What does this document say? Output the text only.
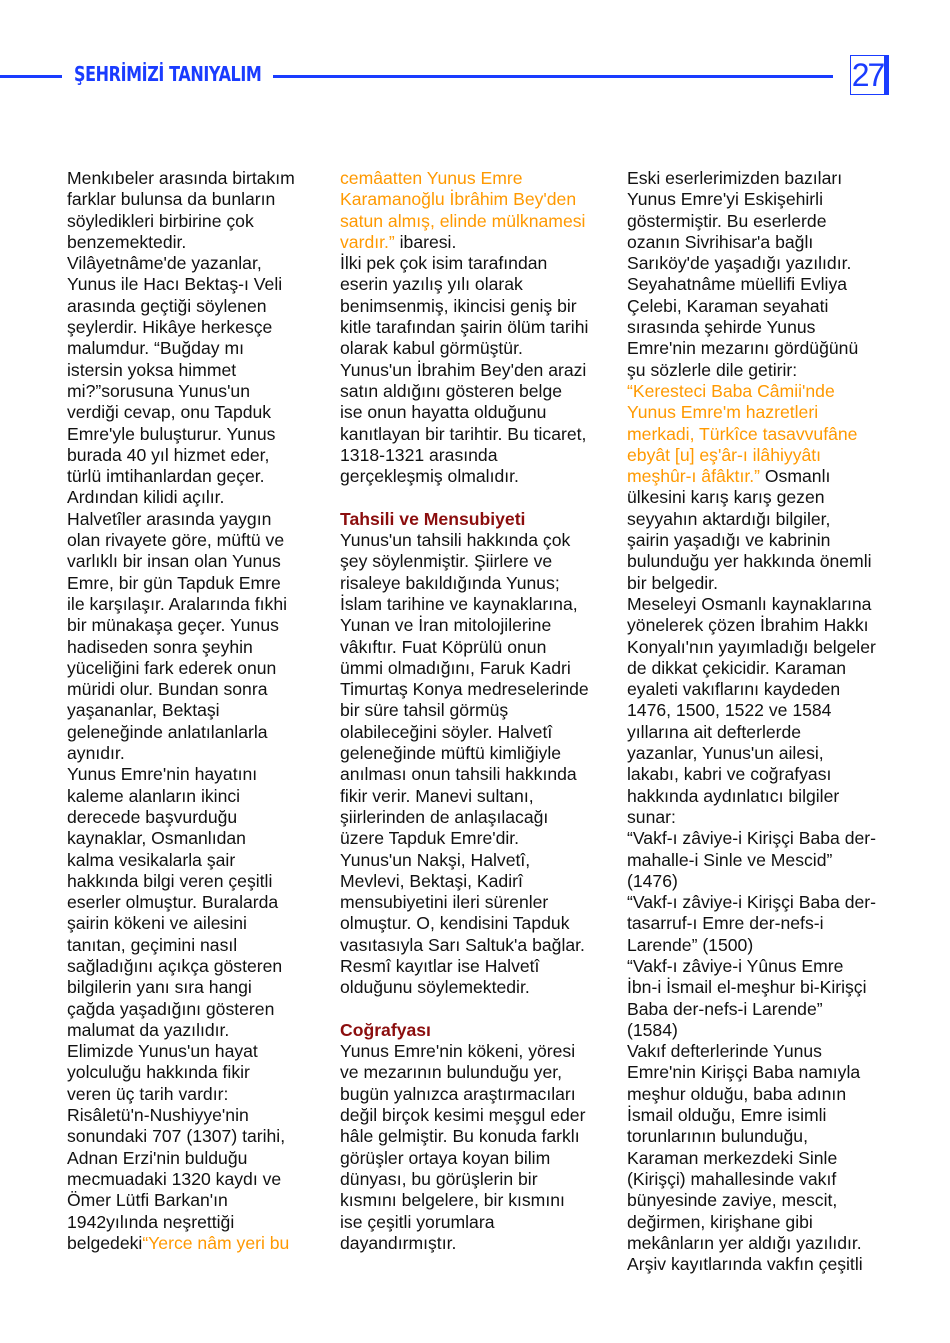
ŞEHRİMİZİ TANIYALIM	27
Menkıbeler arasında birtakım
farklar bulunsa da bunların
söyledikleri birbirine çok
benzemektedir.
Vilâyetnâme'de yazanlar,
Yunus ile Hacı Bektaş-ı Veli
arasında geçtiği söylenen
şeylerdir. Hikâye herkesçe
malumdur. “Buğday mı
istersin yoksa himmet
mi?”sorusuna Yunus'un
verdiği cevap, onu Tapduk
Emre'yle buluşturur. Yunus
burada 40 yıl hizmet eder,
türlü imtihanlardan geçer.
Ardından kilidi açılır.
Halvetîler arasında yaygın
olan rivayete göre, müftü ve
varlıklı bir insan olan Yunus
Emre, bir gün Tapduk Emre
ile karşılaşır. Aralarında fıkhi
bir münakaşa geçer. Yunus
hadiseden sonra şeyhin
yüceliğini fark ederek onun
müridi olur. Bundan sonra
yaşananlar, Bektaşi
geleneğinde anlatılanlarla
aynıdır.
Yunus Emre'nin hayatını
kaleme alanların ikinci
derecede başvurduğu
kaynaklar, Osmanlıdan
kalma vesikalarla şair
hakkında bilgi veren çeşitli
eserler olmuştur. Buralarda
şairin kökeni ve ailesini
tanıtan, geçimini nasıl
sağladığını açıkça gösteren
bilgilerin yanı sıra hangi
çağda yaşadığını gösteren
malumat da yazılıdır.
Elimizde Yunus'un hayat
yolculuğu hakkında fikir
veren üç tarih vardır:
Risâletü'n-Nushiyye'nin
sonundaki 707 (1307) tarihi,
Adnan Erzi'nin bulduğu
mecmuadaki 1320 kaydı ve
Ömer Lütfi Barkan'ın
1942yılında neşrettiği
belgedeki“Yerce nâm yeri bu
cemâatten Yunus Emre
Karamanoğlu İbrâhim Bey'den
satun almış, elinde mülknamesi
vardır.” ibaresi.
İlki pek çok isim tarafından
eserin yazılış yılı olarak
benimsenmiş, ikincisi geniş bir
kitle tarafından şairin ölüm tarihi
olarak kabul görmüştür.
Yunus'un İbrahim Bey'den arazi
satın aldığını gösteren belge
ise onun hayatta olduğunu
kanıtlayan bir tarihtir. Bu ticaret,
1318-1321 arasında
gerçekleşmiş olmalıdır.
Tahsili ve Mensubiyeti
Yunus'un tahsili hakkında çok
şey söylenmiştir. Şiirlere ve
risaleye bakıldığında Yunus;
İslam tarihine ve kaynaklarına,
Yunan ve İran mitolojilerine
vâkıftır. Fuat Köprülü onun
ümmi olmadığını, Faruk Kadri
Timurtaş Konya medreselerinde
bir süre tahsil görmüş
olabileceğini söyler. Halvetî
geleneğinde müftü kimliğiyle
anılması onun tahsili hakkında
fikir verir. Manevi sultanı,
şiirlerinden de anlaşılacağı
üzere Tapduk Emre'dir.
Yunus'un Nakşi, Halvetî,
Mevlevi, Bektaşi, Kadirî
mensubiyetini ileri sürenler
olmuştur. O, kendisini Tapduk
vasıtasıyla Sarı Saltuk'a bağlar.
Resmî kayıtlar ise Halvetî
olduğunu söylemektedir.
Coğrafyası
Yunus Emre'nin kökeni, yöresi
ve mezarının bulunduğu yer,
bugün yalnızca araştırmacıları
değil birçok kesimi meşgul eder
hâle gelmiştir. Bu konuda farklı
görüşler ortaya koyan bilim
dünyası, bu görüşlerin bir
kısmını belgelere, bir kısmını
ise çeşitli yorumlara
dayandırmıştır.
Eski eserlerimizden bazıları
Yunus Emre'yi Eskişehirli
göstermiştir. Bu eserlerde
ozanın Sivrihisar'a bağlı
Sarıköy'de yaşadığı yazılıdır.
Seyahatnâme müellifi Evliya
Çelebi, Karaman seyahati
sırasında şehirde Yunus
Emre'nin mezarını gördüğünü
şu sözlerle dile getirir:
“Keresteci Baba Câmii'nde
Yunus Emre'm hazretleri
merkadi, Türkîce tasavvufâne
ebyât [u] eş'âr-ı ilâhiyyâtı
meşhûr-ı âfâktır.” Osmanlı
ülkesini karış karış gezen
seyyahın aktardığı bilgiler,
şairin yaşadığı ve kabrinin
bulunduğu yer hakkında önemli
bir belgedir.
Meseleyi Osmanlı kaynaklarına
yönelerek çözen İbrahim Hakkı
Konyalı'nın yayımladığı belgeler
de dikkat çekicidir. Karaman
eyaleti vakıflarını kaydeden
1476, 1500, 1522 ve 1584
yıllarına ait defterlerde
yazanlar, Yunus'un ailesi,
lakabı, kabri ve coğrafyası
hakkında aydınlatıcı bilgiler
sunar:
“Vakf-ı zâviye-i Kirişçi Baba der-
mahalle-i Sinle ve Mescid”
(1476)
“Vakf-ı zâviye-i Kirişçi Baba der-
tasarruf-ı Emre der-nefs-i
Larende” (1500)
“Vakf-ı zâviye-i Yûnus Emre
İbn-i İsmail el-meşhur bi-Kirişçi
Baba der-nefs-i Larende”
(1584)
Vakıf defterlerinde Yunus
Emre'nin Kirişçi Baba namıyla
meşhur olduğu, baba adının
İsmail olduğu, Emre isimli
torunlarının bulunduğu,
Karaman merkezdeki Sinle
(Kirişçi) mahallesinde vakıf
bünyesinde zaviye, mescit,
değirmen, kirişhane gibi
mekânların yer aldığı yazılıdır.
Arşiv kayıtlarında vakfın çeşitli
